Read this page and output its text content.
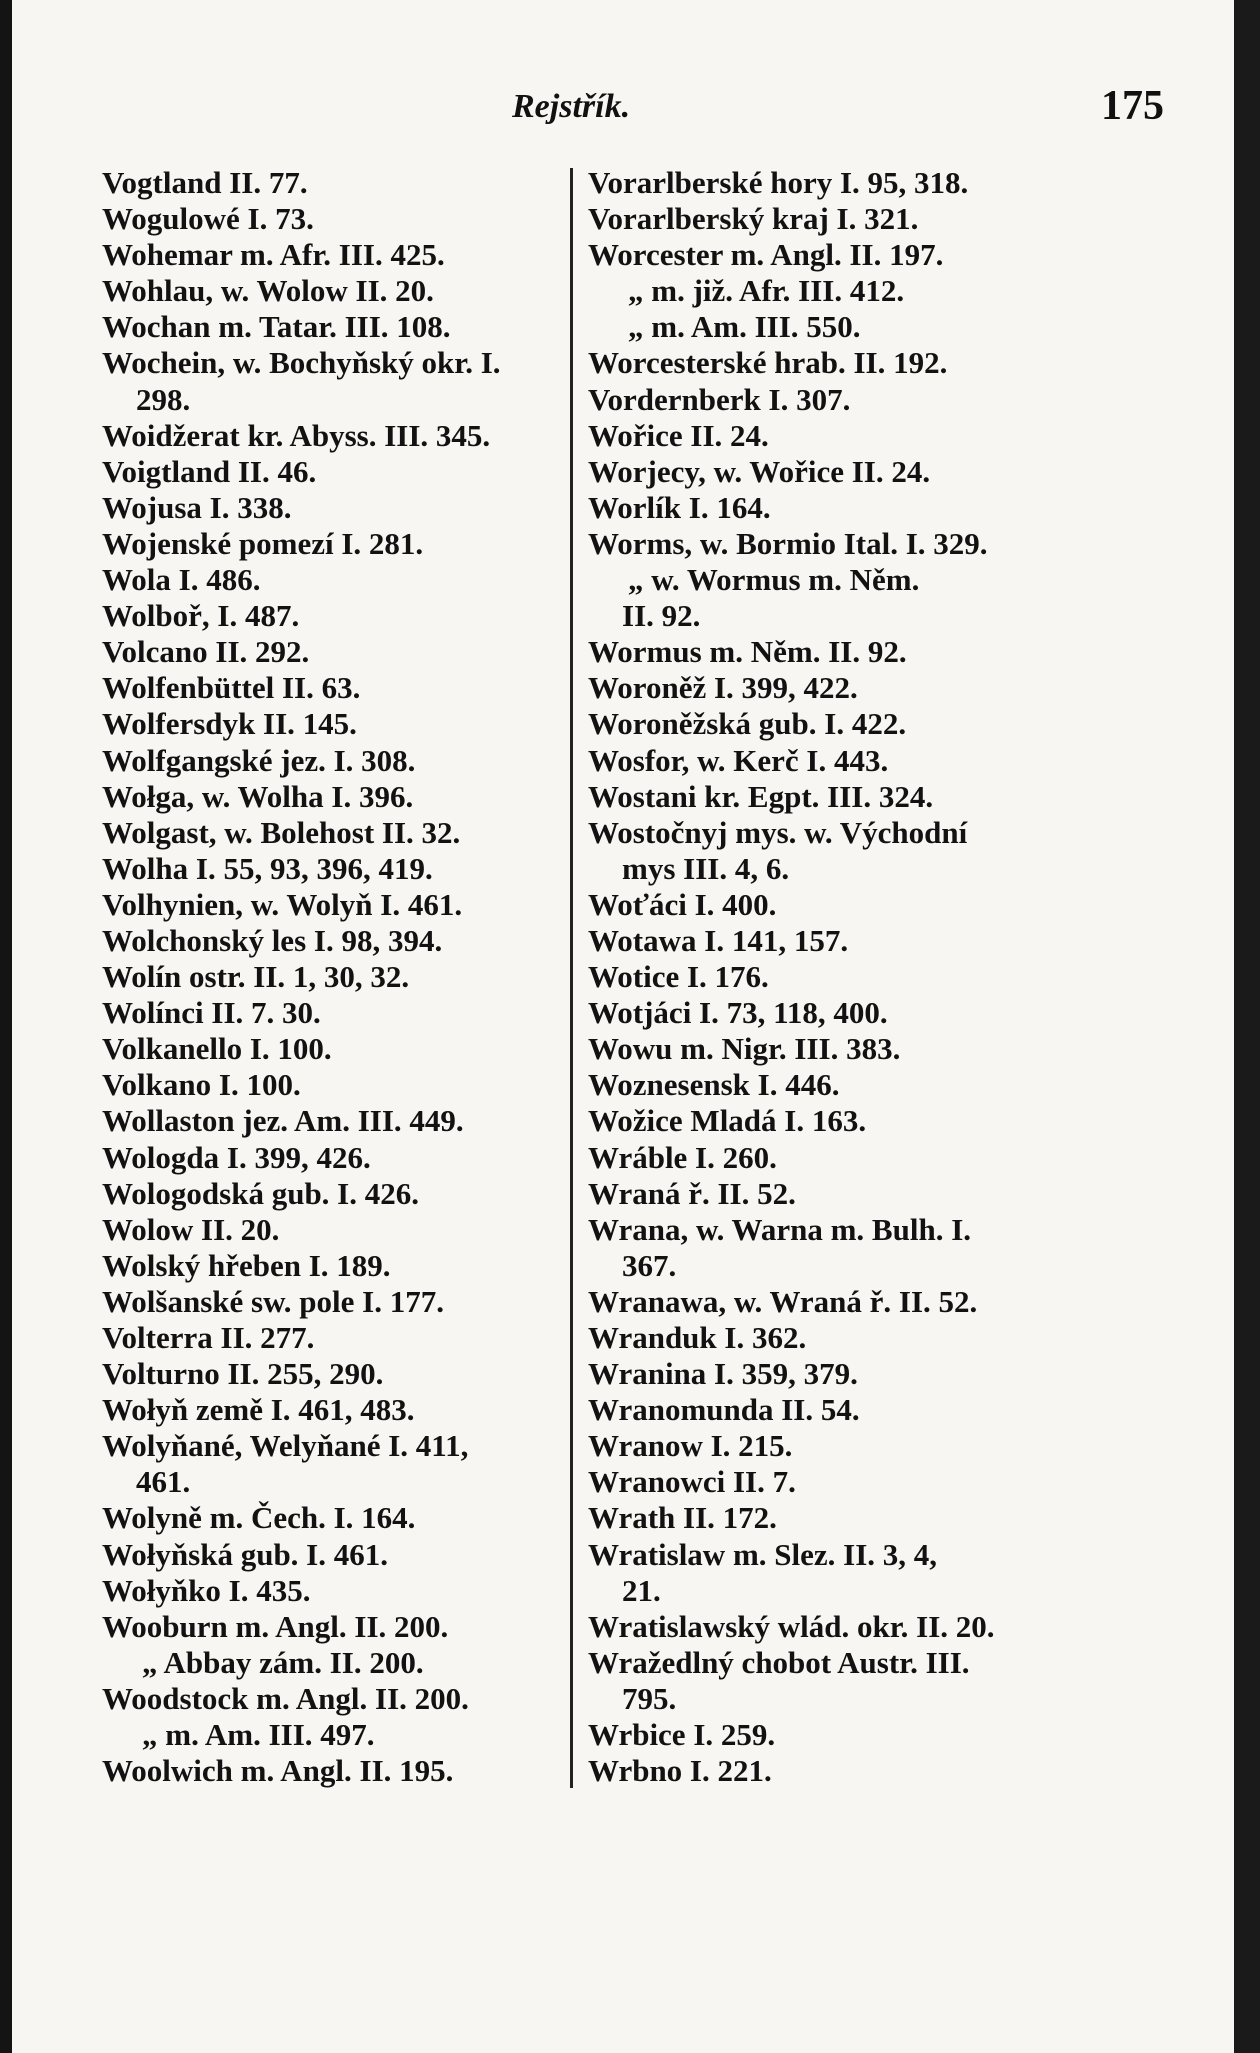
Rejstřík.	175
Vogtland II. 77.
Wogulowé I. 73.
Wohemar m. Afr. III. 425.
Wohlau, w. Wolow II. 20.
Wochan m. Tatar. III. 108.
Wochein, w. Bochyňský okr. I.
298.
Woidžerat kr. Abyss. III. 345.
Voigtland II. 46.
Wojusa I. 338.
Wojenské pomezí I. 281.
Wola I. 486.
Wolboř, I. 487.
Volcano II. 292.
Wolfenbüttel II. 63.
Wolfersdyk II. 145.
Wolfgangské jez. I. 308.
Wołga, w. Wolha I. 396.
Wolgast, w. Bolehost II. 32.
Wolha I. 55, 93, 396, 419.
Volhynien, w. Wolyň I. 461.
Wolchonský les I. 98, 394.
Wolín ostr. II. 1, 30, 32.
Wolínci II. 7. 30.
Volkanello I. 100.
Volkano I. 100.
Wollaston jez. Am. III. 449.
Wologda I. 399, 426.
Wologodská gub. I. 426.
Wolow II. 20.
Wolský hřeben I. 189.
Wolšanské sw. pole I. 177.
Volterra II. 277.
Volturno II. 255, 290.
Wołyň země I. 461, 483.
Wolyňané, Welyňané I. 411,
461.
Wolyně m. Čech. I. 164.
Wołyňská gub. I. 461.
Wołyňko I. 435.
Wooburn m. Angl. II. 200.
„ Abbay zám. II. 200.
Woodstock m. Angl. II. 200.
„ m. Am. III. 497.
Woolwich m. Angl. II. 195.
Vorarlberské hory I. 95, 318.
Vorarlberský kraj I. 321.
Worcester m. Angl. II. 197.
„ m. již. Afr. III. 412.
„ m. Am. III. 550.
Worcesterské hrab. II. 192.
Vordernberk I. 307.
Wořice II. 24.
Worjecy, w. Wořice II. 24.
Worlík I. 164.
Worms, w. Bormio Ital. I. 329.
„ w. Wormus m. Něm.
II. 92.
Wormus m. Něm. II. 92.
Woroněž I. 399, 422.
Woroněžská gub. I. 422.
Wosfor, w. Kerč I. 443.
Wostani kr. Egpt. III. 324.
Wostočnyj mys. w. Východní
mys III. 4, 6.
Woťáci I. 400.
Wotawa I. 141, 157.
Wotice I. 176.
Wotjáci I. 73, 118, 400.
Wowu m. Nigr. III. 383.
Woznesensk I. 446.
Wožice Mladá I. 163.
Wráble I. 260.
Wraná ř. II. 52.
Wrana, w. Warna m. Bulh. I.
367.
Wranawa, w. Wraná ř. II. 52.
Wranduk I. 362.
Wranina I. 359, 379.
Wranomunda II. 54.
Wranow I. 215.
Wranowci II. 7.
Wrath II. 172.
Wratislaw m. Slez. II. 3, 4,
21.
Wratislawský wlád. okr. II. 20.
Wražedlný chobot Austr. III.
795.
Wrbice I. 259.
Wrbno I. 221.
